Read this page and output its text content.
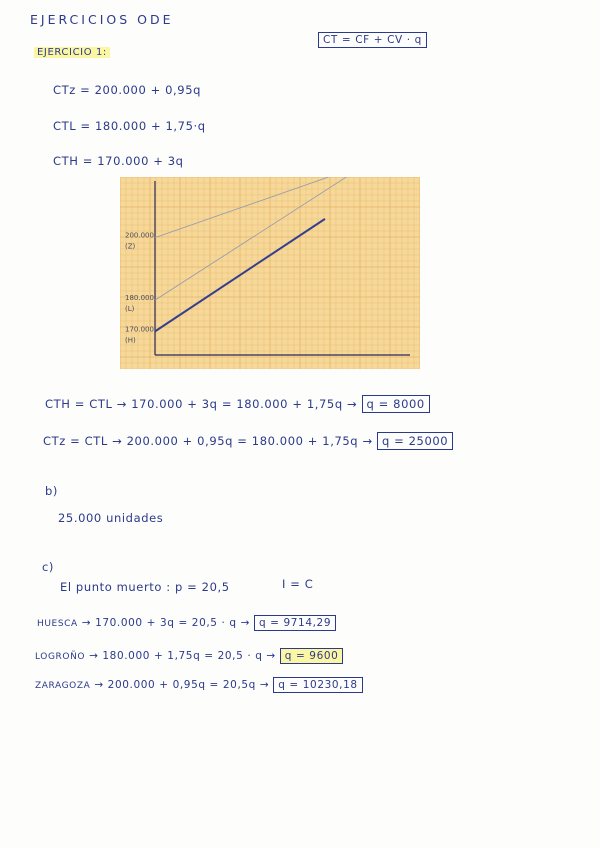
EJERCICIOS ODE
CT = CF + CV · q
EJERCICIO 1:
CTz = 200.000 + 0,95q
CTL = 180.000 + 1,75·q
CTH = 170.000 + 3q
200.000
(Z)
180.000
(L)
170.000
(H)
CTH = CTL → 170.000 + 3q = 180.000 + 1,75q → q = 8000
CTz = CTL → 200.000 + 0,95q = 180.000 + 1,75q → q = 25000
b)
25.000 unidades
c)
El punto muerto : p = 20,5	I = C
HUESCA → 170.000 + 3q = 20,5 · q → q = 9714,29
LOGROÑO → 180.000 + 1,75q = 20,5 · q → q = 9600
ZARAGOZA → 200.000 + 0,95q = 20,5q → q = 10230,18
